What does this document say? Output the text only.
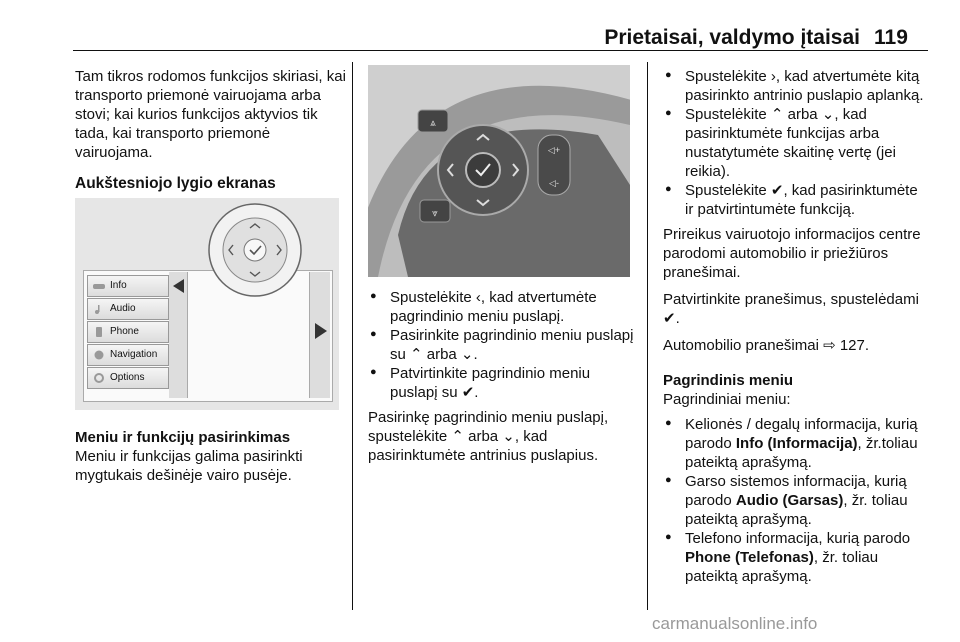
Prietaisai, valdymo įtaisai 119

Tam tikros rodomos funkcijos skiriasi, kai transporto priemonė vairuojama arba stovi; kai kurios funkcijos aktyvios tik tada, kai transporto priemonė vairuojama.

Aukštesniojo lygio ekranas

Info
Audio
Phone
Navigation
Options

Meniu ir funkcijų pasirinkimas

Meniu ir funkcijas galima pasirinkti mygtukais dešinėje vairo pusėje.

⩓
⩔
◁+
◁-

● Spustelėkite ‹, kad atvertumėte pagrindinio meniu puslapį.

● Pasirinkite pagrindinio meniu puslapį su ⌃ arba ⌄.

● Patvirtinkite pagrindinio meniu puslapį su ✔.

Pasirinkę pagrindinio meniu puslapį, spustelėkite ⌃ arba ⌄, kad pasirinktumėte antrinius puslapius.

● Spustelėkite ›, kad atvertumėte kitą pasirinkto antrinio puslapio aplanką.

● Spustelėkite ⌃ arba ⌄, kad pasirinktumėte funkcijas arba nustatytumėte skaitinę vertę (jei reikia).

● Spustelėkite ✔, kad pasirinktumėte ir patvirtintumėte funkciją.

Prireikus vairuotojo informacijos centre parodomi automobilio ir priežiūros pranešimai.

Patvirtinkite pranešimus, spustelėdami ✔.

Automobilio pranešimai ⇨ 127.

Pagrindinis meniu

Pagrindiniai meniu:

● Kelionės / degalų informacija, kurią parodo Info (Informacija), žr.toliau pateiktą aprašymą.

● Garso sistemos informacija, kurią parodo Audio (Garsas), žr. toliau pateiktą aprašymą.

● Telefono informacija, kurią parodo Phone (Telefonas), žr. toliau pateiktą aprašymą.

carmanualsonline.info
